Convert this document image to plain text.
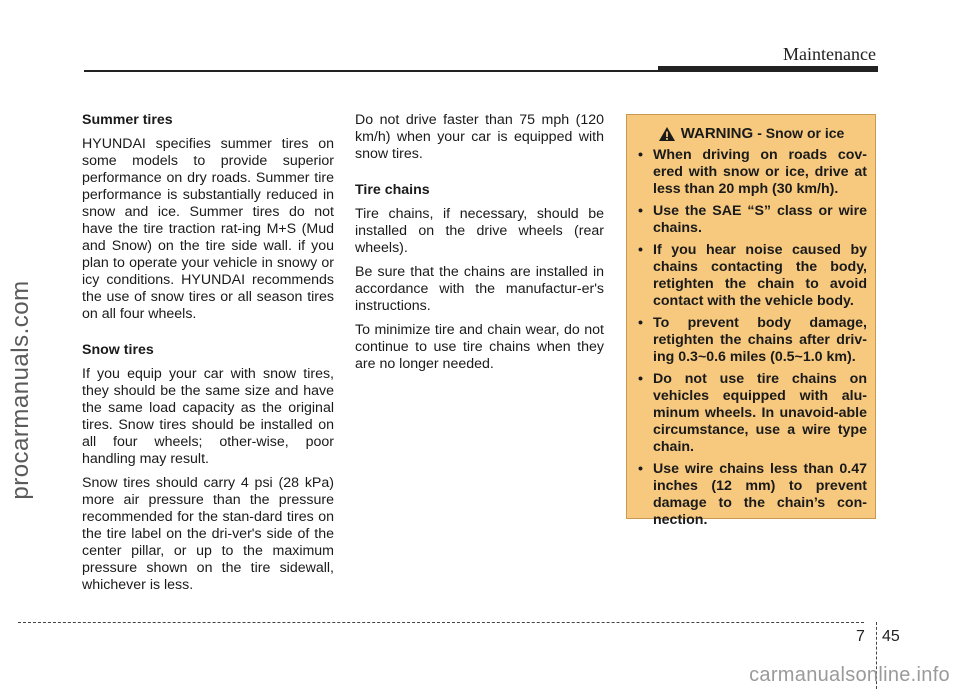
Maintenance
procarmanuals.com
Summer tires

HYUNDAI specifies summer tires on some models to provide superior performance on dry roads. Summer tire performance is substantially reduced in snow and ice. Summer tires do not have the tire traction rat-ing M+S (Mud and Snow) on the tire side wall. if you plan to operate your vehicle in snowy or icy conditions. HYUNDAI recommends the use of snow tires or all season tires on all four wheels.

Snow tires

If you equip your car with snow tires, they should be the same size and have the same load capacity as the original tires. Snow tires should be installed on all four wheels; other-wise, poor handling may result.

Snow tires should carry 4 psi (28 kPa) more air pressure than the pressure recommended for the stan-dard tires on the tire label on the dri-ver's side of the center pillar, or up to the maximum pressure shown on the tire sidewall, whichever is less.

Do not drive faster than 75 mph (120 km/h) when your car is equipped with snow tires.

Tire chains

Tire chains, if necessary, should be installed on the drive wheels (rear wheels).

Be sure that the chains are installed in accordance with the manufactur-er's instructions.

To minimize tire and chain wear, do not continue to use tire chains when they are no longer needed.

WARNING - Snow or ice
• When driving on roads cov-ered with snow or ice, drive at less than 20 mph (30 km/h).
• Use the SAE “S” class or wire chains.
• If you hear noise caused by chains contacting the body, retighten the chain to avoid contact with the vehicle body.
• To prevent body damage, retighten the chains after driv-ing 0.3~0.6 miles (0.5~1.0 km).
• Do not use tire chains on vehicles equipped with alu-minum wheels. In unavoid-able circumstance, use a wire type chain.
• Use wire chains less than 0.47 inches (12 mm) to prevent damage to the chain’s con-nection.
7 45
carmanualsonline.info
